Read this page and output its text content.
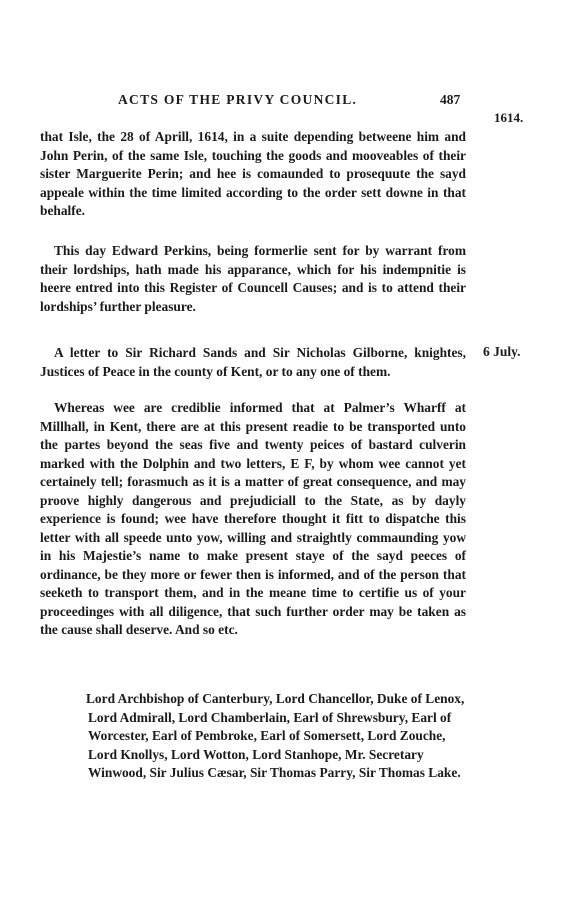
ACTS OF THE PRIVY COUNCIL.	487
1614.
6 July.

that Isle, the 28 of Aprill, 1614, in a suite depending betweene him and John Perin, of the same Isle, touching the goods and mooveables of their sister Marguerite Perin; and hee is comaunded to prosequute the sayd appeale within the time limited according to the order sett downe in that behalfe.

This day Edward Perkins, being formerlie sent for by warrant from their lordships, hath made his apparance, which for his indempnitie is heere entred into this Register of Councell Causes; and is to attend their lordships’ further pleasure.

A letter to Sir Richard Sands and Sir Nicholas Gilborne, knightes, Justices of Peace in the county of Kent, or to any one of them.

Whereas wee are crediblie informed that at Palmer’s Wharff at Millhall, in Kent, there are at this present readie to be transported unto the partes beyond the seas five and twenty peices of bastard culverin marked with the Dolphin and two letters, E F, by whom wee cannot yet certainely tell; forasmuch as it is a matter of great consequence, and may proove highly dangerous and prejudiciall to the State, as by dayly experience is found; wee have therefore thought it fitt to dispatche this letter with all speede unto yow, willing and straightly commaunding yow in his Majestie’s name to make present staye of the sayd peeces of ordinance, be they more or fewer then is informed, and of the person that seeketh to transport them, and in the meane time to certifie us of your proceedinges with all diligence, that such further order may be taken as the cause shall deserve. And so etc.

Lord Archbishop of Canterbury, Lord Chancellor, Duke of Lenox, Lord Admirall, Lord Chamberlain, Earl of Shrewsbury, Earl of Worcester, Earl of Pembroke, Earl of Somersett, Lord Zouche, Lord Knollys, Lord Wotton, Lord Stanhope, Mr. Secretary Winwood, Sir Julius Cæsar, Sir Thomas Parry, Sir Thomas Lake.
